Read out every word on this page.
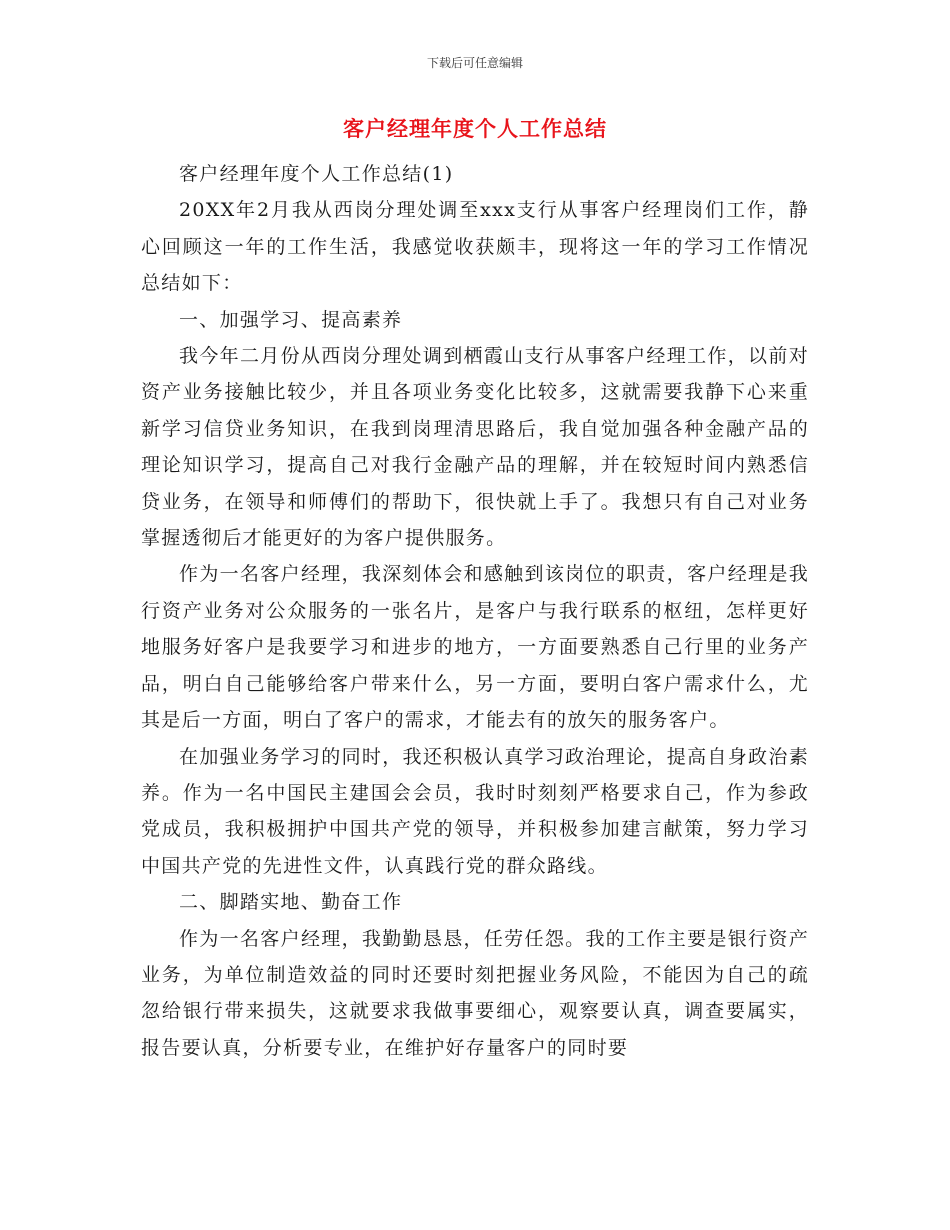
下载后可任意编辑
客户经理年度个人工作总结

客户经理年度个人工作总结(1)

20XX年2月我从西岗分理处调至xxx支行从事客户经理岗们工作，静心回顾这一年的工作生活，我感觉收获颇丰，现将这一年的学习工作情况总结如下：

一、加强学习、提高素养

我今年二月份从西岗分理处调到栖霞山支行从事客户经理工作，以前对资产业务接触比较少，并且各项业务变化比较多，这就需要我静下心来重新学习信贷业务知识，在我到岗理清思路后，我自觉加强各种金融产品的理论知识学习，提高自己对我行金融产品的理解，并在较短时间内熟悉信贷业务，在领导和师傅们的帮助下，很快就上手了。我想只有自己对业务掌握透彻后才能更好的为客户提供服务。

作为一名客户经理，我深刻体会和感触到该岗位的职责，客户经理是我行资产业务对公众服务的一张名片，是客户与我行联系的枢纽，怎样更好地服务好客户是我要学习和进步的地方，一方面要熟悉自己行里的业务产品，明白自己能够给客户带来什么，另一方面，要明白客户需求什么，尤其是后一方面，明白了客户的需求，才能去有的放矢的服务客户。

在加强业务学习的同时，我还积极认真学习政治理论，提高自身政治素养。作为一名中国民主建国会会员，我时时刻刻严格要求自己，作为参政党成员，我积极拥护中国共产党的领导，并积极参加建言献策，努力学习中国共产党的先进性文件，认真践行党的群众路线。

二、脚踏实地、勤奋工作

作为一名客户经理，我勤勤恳恳，任劳任怨。我的工作主要是银行资产业务，为单位制造效益的同时还要时刻把握业务风险，不能因为自己的疏忽给银行带来损失，这就要求我做事要细心，观察要认真，调查要属实，报告要认真，分析要专业，在维护好存量客户的同时要
